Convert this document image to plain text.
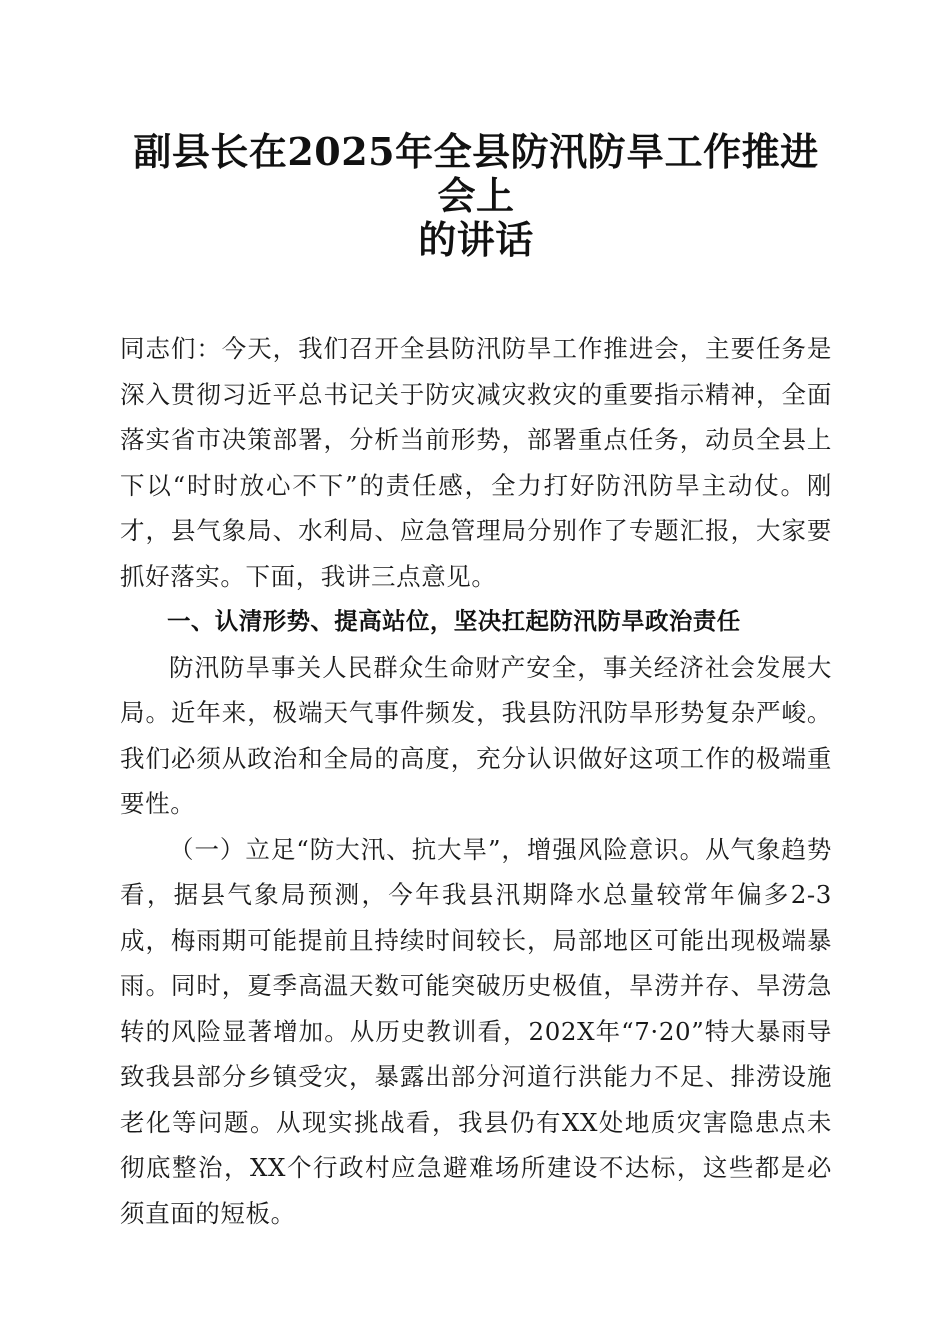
副县长在2025年全县防汛防旱工作推进会上
的讲话

同志们：今天，我们召开全县防汛防旱工作推进会，主要任务是深入贯彻习近平总书记关于防灾减灾救灾的重要指示精神，全面落实省市决策部署，分析当前形势，部署重点任务，动员全县上下以“时时放心不下”的责任感，全力打好防汛防旱主动仗。刚才，县气象局、水利局、应急管理局分别作了专题汇报，大家要抓好落实。下面，我讲三点意见。

一、认清形势、提高站位，坚决扛起防汛防旱政治责任

防汛防旱事关人民群众生命财产安全，事关经济社会发展大局。近年来，极端天气事件频发，我县防汛防旱形势复杂严峻。我们必须从政治和全局的高度，充分认识做好这项工作的极端重要性。

（一）立足“防大汛、抗大旱”，增强风险意识。从气象趋势看，据县气象局预测，今年我县汛期降水总量较常年偏多2-3成，梅雨期可能提前且持续时间较长，局部地区可能出现极端暴雨。同时，夏季高温天数可能突破历史极值，旱涝并存、旱涝急转的风险显著增加。从历史教训看，202X年“7·20”特大暴雨导致我县部分乡镇受灾，暴露出部分河道行洪能力不足、排涝设施老化等问题。从现实挑战看，我县仍有XX处地质灾害隐患点未彻底整治，XX个行政村应急避难场所建设不达标，这些都是必须直面的短板。
